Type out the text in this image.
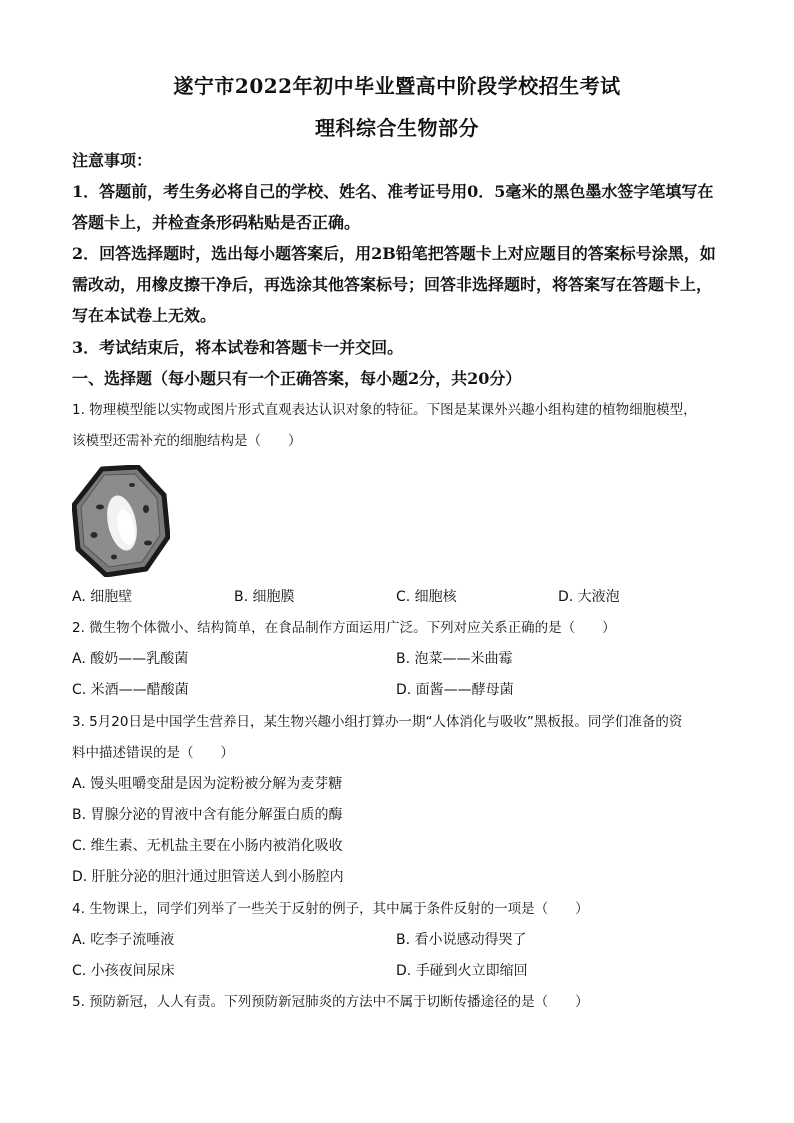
遂宁市2022年初中毕业暨高中阶段学校招生考试
理科综合生物部分
注意事项：
1．答题前，考生务必将自己的学校、姓名、准考证号用0．5毫米的黑色墨水签字笔填写在
答题卡上，并检查条形码粘贴是否正确。
2．回答选择题时，选出每小题答案后，用2B铅笔把答题卡上对应题目的答案标号涂黑，如
需改动，用橡皮擦干净后，再选涂其他答案标号；回答非选择题时，将答案写在答题卡上，
写在本试卷上无效。
3．考试结束后，将本试卷和答题卡一并交回。
一、选择题（每小题只有一个正确答案，每小题2分，共20分）
1. 物理模型能以实物或图片形式直观表达认识对象的特征。下图是某课外兴趣小组构建的植物细胞模型，
该模型还需补充的细胞结构是（　　）
A. 细胞壁	B. 细胞膜	C. 细胞核	D. 大液泡
2. 微生物个体微小、结构简单，在食品制作方面运用广泛。下列对应关系正确的是（　　）
A. 酸奶——乳酸菌	B. 泡菜——米曲霉
C. 米酒——醋酸菌	D. 面酱——酵母菌
3. 5月20日是中国学生营养日，某生物兴趣小组打算办一期“人体消化与吸收”黑板报。同学们准备的资
料中描述错误的是（　　）
A. 馒头咀嚼变甜是因为淀粉被分解为麦芽糖
B. 胃腺分泌的胃液中含有能分解蛋白质的酶
C. 维生素、无机盐主要在小肠内被消化吸收
D. 肝脏分泌的胆汁通过胆管送人到小肠腔内
4. 生物课上，同学们列举了一些关于反射的例子，其中属于条件反射的一项是（　　）
A. 吃李子流唾液	B. 看小说感动得哭了
C. 小孩夜间尿床	D. 手碰到火立即缩回
5. 预防新冠，人人有责。下列预防新冠肺炎的方法中不属于切断传播途径的是（　　）
